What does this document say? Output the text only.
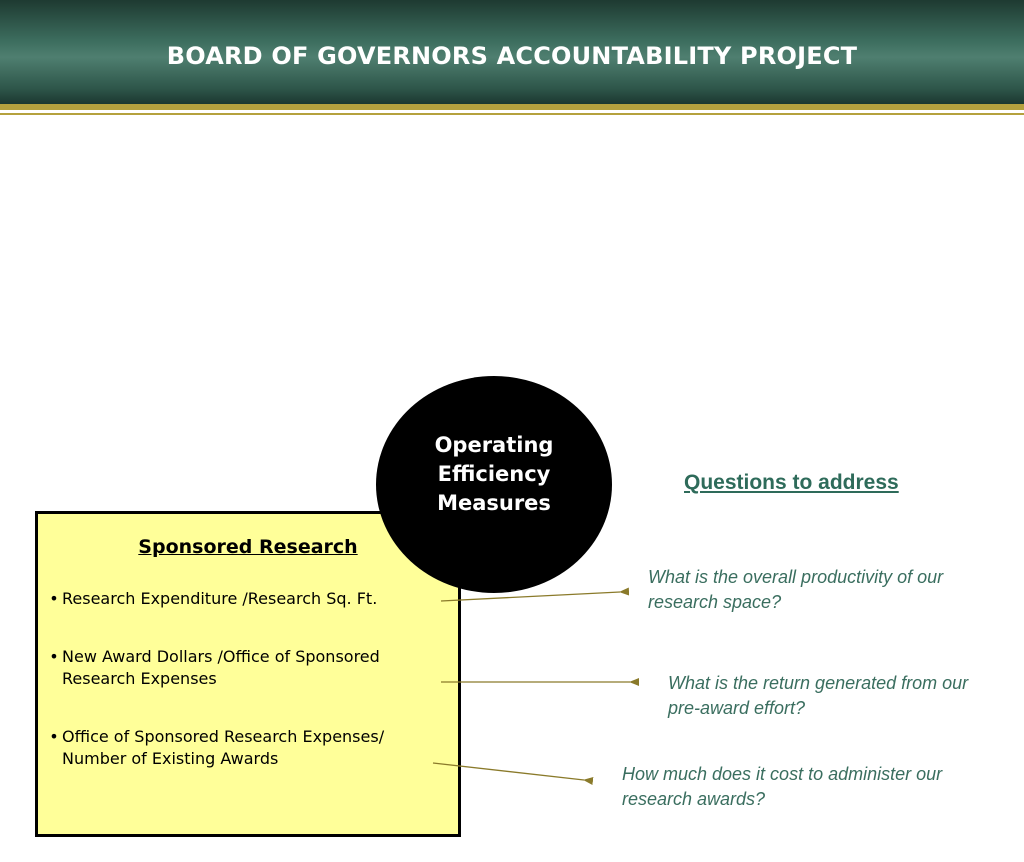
BOARD OF GOVERNORS ACCOUNTABILITY PROJECT
Sponsored Research
• Research Expenditure /Research Sq. Ft.
• New Award Dollars /Office of Sponsored Research Expenses
• Office of Sponsored Research Expenses/ Number of Existing Awards
Operating
Efficiency
Measures
Questions to address
What is the overall productivity of our research space?
What is the return generated from our pre-award effort?
How much does it cost to administer our research awards?
